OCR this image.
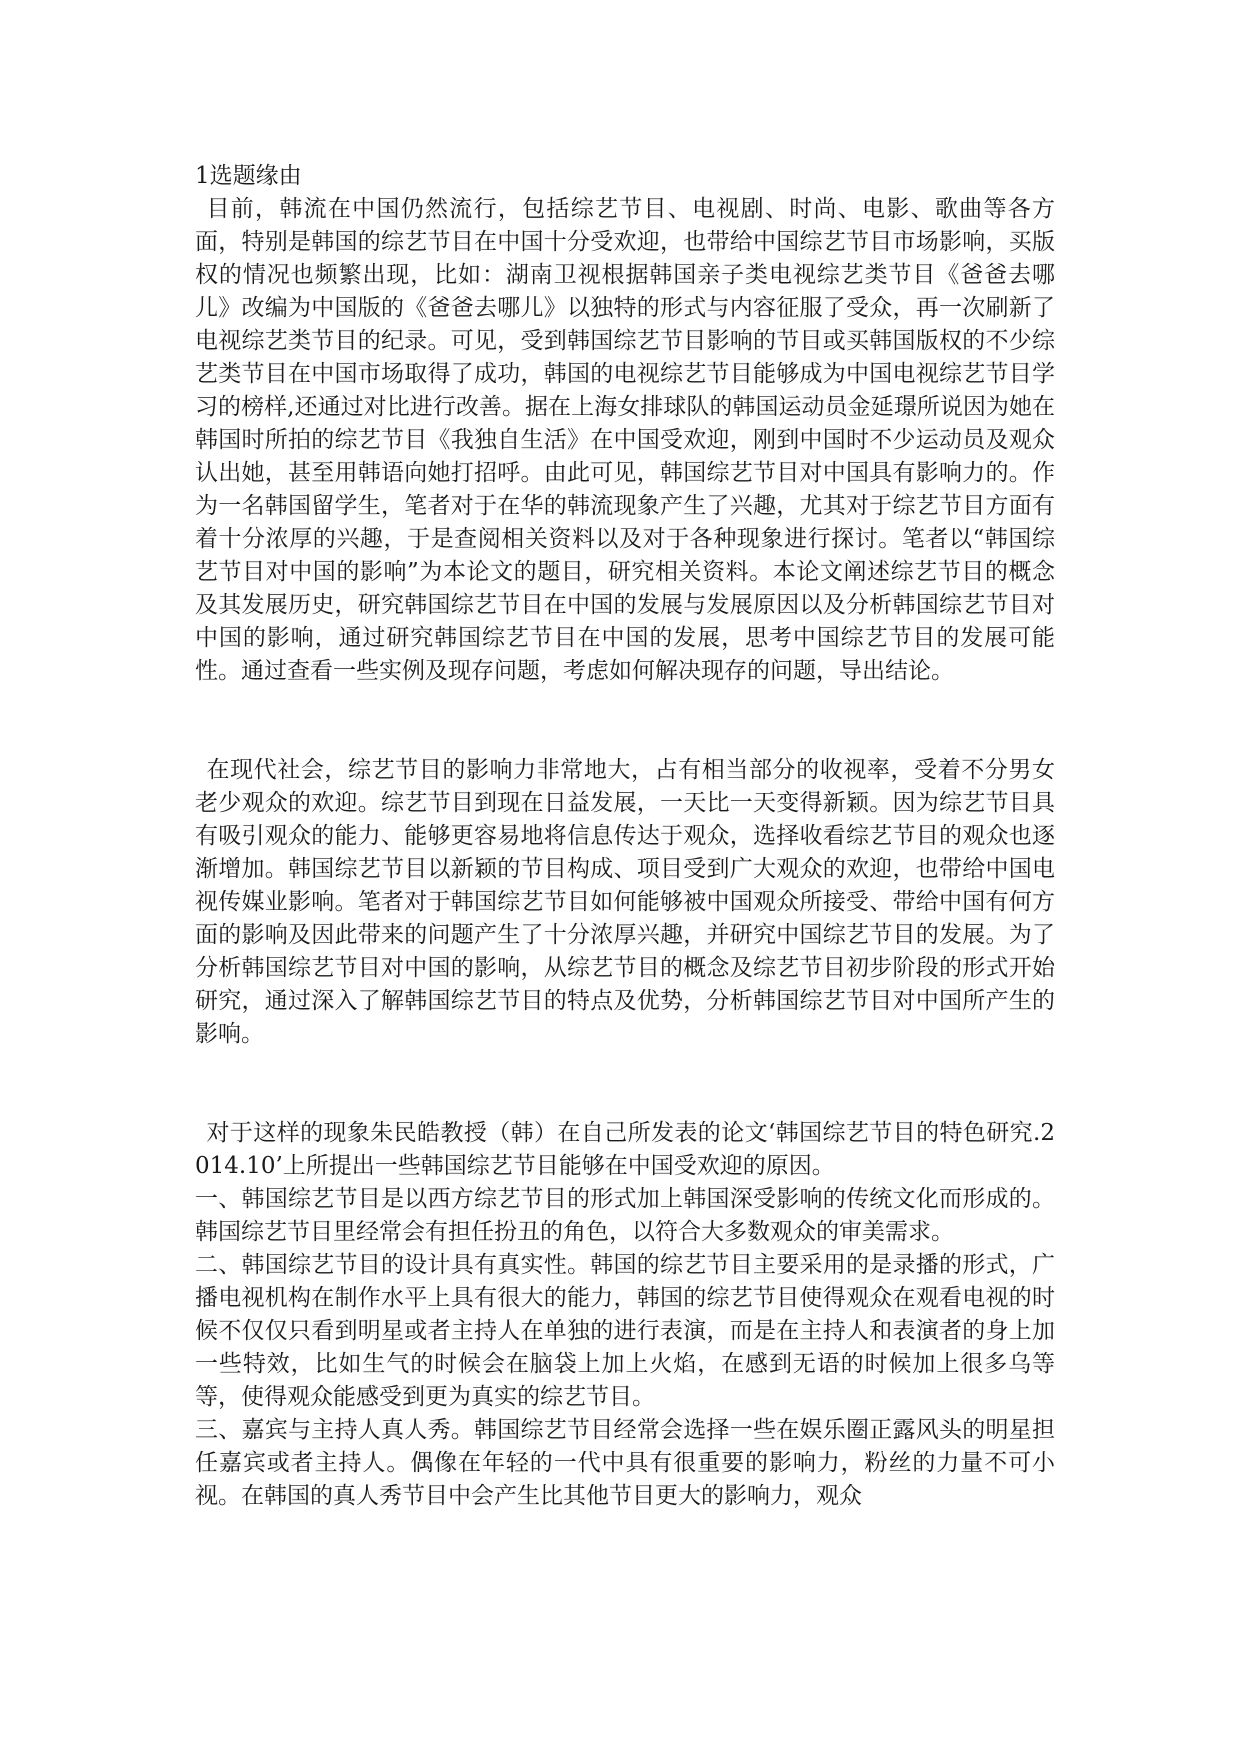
1选题缘由

目前，韩流在中国仍然流行，包括综艺节目、电视剧、时尚、电影、歌曲等各方面，特别是韩国的综艺节目在中国十分受欢迎，也带给中国综艺节目市场影响，买版权的情况也频繁出现，比如：湖南卫视根据韩国亲子类电视综艺类节目《爸爸去哪儿》改编为中国版的《爸爸去哪儿》以独特的形式与内容征服了受众，再一次刷新了电视综艺类节目的纪录。可见，受到韩国综艺节目影响的节目或买韩国版权的不少综艺类节目在中国市场取得了成功，韩国的电视综艺节目能够成为中国电视综艺节目学习的榜样,还通过对比进行改善。据在上海女排球队的韩国运动员金延璟所说因为她在韩国时所拍的综艺节目《我独自生活》在中国受欢迎，刚到中国时不少运动员及观众认出她，甚至用韩语向她打招呼。由此可见，韩国综艺节目对中国具有影响力的。作为一名韩国留学生，笔者对于在华的韩流现象产生了兴趣，尤其对于综艺节目方面有着十分浓厚的兴趣，于是查阅相关资料以及对于各种现象进行探讨。笔者以“韩国综艺节目对中国的影响”为本论文的题目，研究相关资料。本论文阐述综艺节目的概念及其发展历史，研究韩国综艺节目在中国的发展与发展原因以及分析韩国综艺节目对中国的影响，通过研究韩国综艺节目在中国的发展，思考中国综艺节目的发展可能性。通过查看一些实例及现存问题，考虑如何解决现存的问题，导出结论。

在现代社会，综艺节目的影响力非常地大，占有相当部分的收视率，受着不分男女老少观众的欢迎。综艺节目到现在日益发展，一天比一天变得新颖。因为综艺节目具有吸引观众的能力、能够更容易地将信息传达于观众，选择收看综艺节目的观众也逐渐增加。韩国综艺节目以新颖的节目构成、项目受到广大观众的欢迎，也带给中国电视传媒业影响。笔者对于韩国综艺节目如何能够被中国观众所接受、带给中国有何方面的影响及因此带来的问题产生了十分浓厚兴趣，并研究中国综艺节目的发展。为了分析韩国综艺节目对中国的影响，从综艺节目的概念及综艺节目初步阶段的形式开始研究，通过深入了解韩国综艺节目的特点及优势，分析韩国综艺节目对中国所产生的影响。

对于这样的现象朱民皓教授（韩）在自己所发表的论文‘韩国综艺节目的特色研究.2014.10’上所提出一些韩国综艺节目能够在中国受欢迎的原因。

一、韩国综艺节目是以西方综艺节目的形式加上韩国深受影响的传统文化而形成的。韩国综艺节目里经常会有担任扮丑的角色，以符合大多数观众的审美需求。

二、韩国综艺节目的设计具有真实性。韩国的综艺节目主要采用的是录播的形式，广播电视机构在制作水平上具有很大的能力，韩国的综艺节目使得观众在观看电视的时候不仅仅只看到明星或者主持人在单独的进行表演，而是在主持人和表演者的身上加一些特效，比如生气的时候会在脑袋上加上火焰，在感到无语的时候加上很多乌等等，使得观众能感受到更为真实的综艺节目。

三、嘉宾与主持人真人秀。韩国综艺节目经常会选择一些在娱乐圈正露风头的明星担任嘉宾或者主持人。偶像在年轻的一代中具有很重要的影响力，粉丝的力量不可小视。在韩国的真人秀节目中会产生比其他节目更大的影响力，观众
